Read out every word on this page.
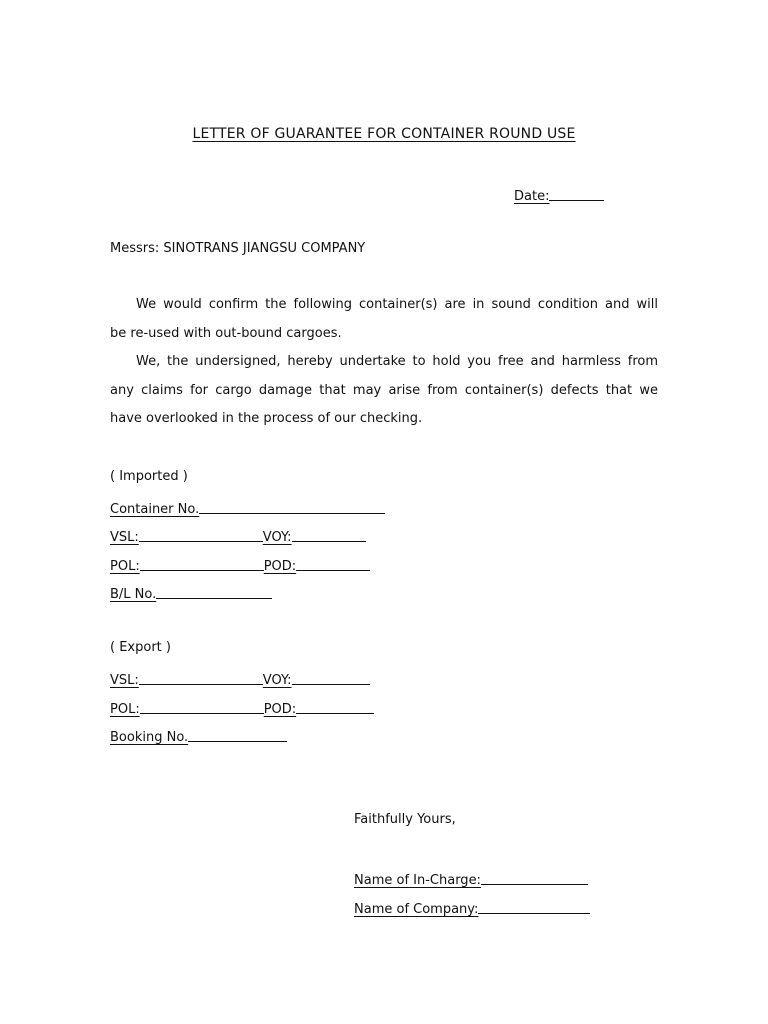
LETTER OF GUARANTEE FOR CONTAINER ROUND USE
Date:
Messrs: SINOTRANS JIANGSU COMPANY
We would confirm the following container(s) are in sound condition and will
be re-used with out-bound cargoes.
We, the undersigned, hereby undertake to hold you free and harmless from
any claims for cargo damage that may arise from container(s) defects that we
have overlooked in the process of our checking.
( Imported )
Container No.
VSL:	VOY:
POL:	POD:
B/L No.
( Export )
VSL:	VOY:
POL:	POD:
Booking No.
Faithfully Yours,
Name of In-Charge:
Name of Company:
